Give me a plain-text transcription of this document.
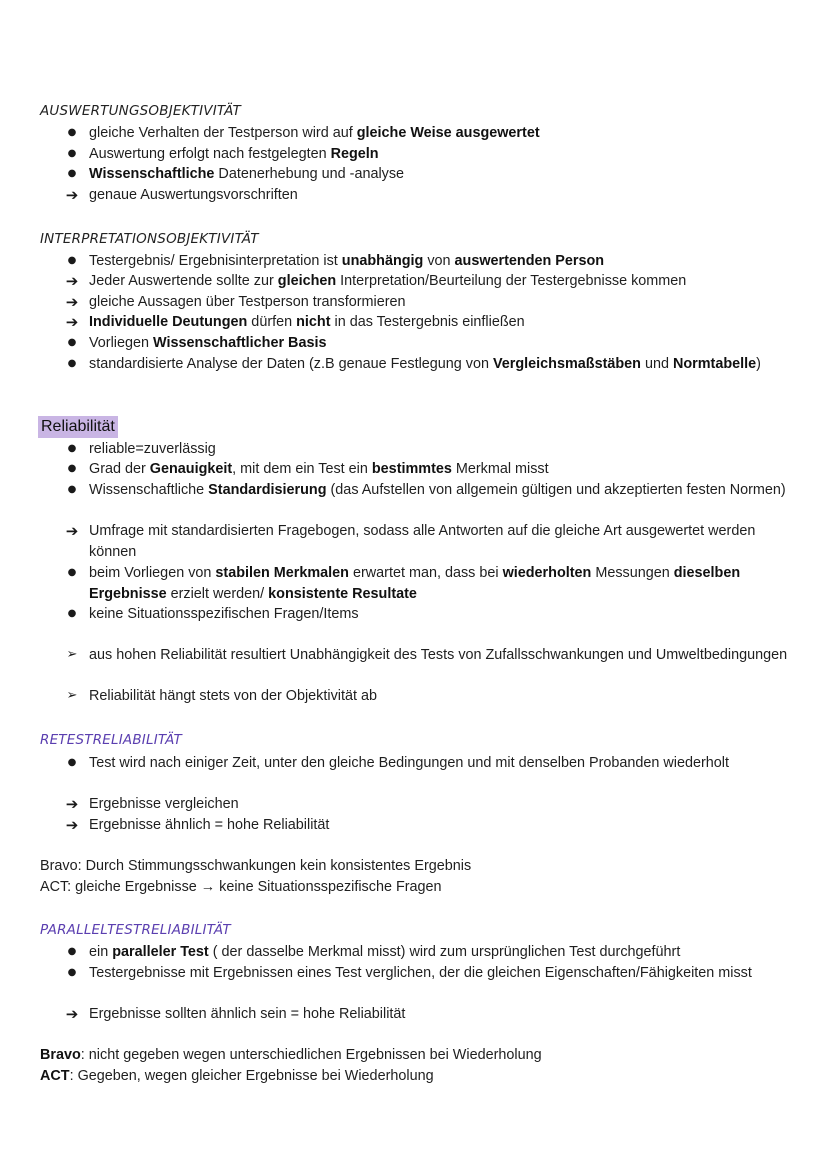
AUSWERTUNGSOBJEKTIVITÄT
● gleiche Verhalten der Testperson wird auf gleiche Weise ausgewertet
● Auswertung erfolgt nach festgelegten Regeln
● Wissenschaftliche Datenerhebung und -analyse
➔ genaue Auswertungsvorschriften
INTERPRETATIONSOBJEKTIVITÄT
● Testergebnis/ Ergebnisinterpretation ist unabhängig von auswertenden Person
➔ Jeder Auswertende sollte zur gleichen Interpretation/Beurteilung der Testergebnisse kommen
➔ gleiche Aussagen über Testperson transformieren
➔ Individuelle Deutungen dürfen nicht in das Testergebnis einfließen
● Vorliegen Wissenschaftlicher Basis
● standardisierte Analyse der Daten (z.B genaue Festlegung von Vergleichsmaßstäben und Normtabelle)
Reliabilität
● reliable=zuverlässig
● Grad der Genauigkeit, mit dem ein Test ein bestimmtes Merkmal misst
● Wissenschaftliche Standardisierung (das Aufstellen von allgemein gültigen und akzeptierten festen Normen)
➔ Umfrage mit standardisierten Fragebogen, sodass alle Antworten auf die gleiche Art ausgewertet werden können
● beim Vorliegen von stabilen Merkmalen erwartet man, dass bei wiederholten Messungen dieselben Ergebnisse erzielt werden/ konsistente Resultate
● keine Situationsspezifischen Fragen/Items
➢ aus hohen Reliabilität resultiert Unabhängigkeit des Tests von Zufallsschwankungen und Umweltbedingungen
➢ Reliabilität hängt stets von der Objektivität ab
RETESTRELIABILITÄT
● Test wird nach einiger Zeit, unter den gleiche Bedingungen und mit denselben Probanden wiederholt
➔ Ergebnisse vergleichen
➔ Ergebnisse ähnlich = hohe Reliabilität
Bravo: Durch Stimmungsschwankungen kein konsistentes Ergebnis
ACT: gleiche Ergebnisse → keine Situationsspezifische Fragen
PARALLELTESTRELIABILITÄT
● ein paralleler Test ( der dasselbe Merkmal misst) wird zum ursprünglichen Test durchgeführt
● Testergebnisse mit Ergebnissen eines Test verglichen, der die gleichen Eigenschaften/Fähigkeiten misst
➔ Ergebnisse sollten ähnlich sein = hohe Reliabilität
Bravo: nicht gegeben wegen unterschiedlichen Ergebnissen bei Wiederholung
ACT: Gegeben, wegen gleicher Ergebnisse bei Wiederholung
